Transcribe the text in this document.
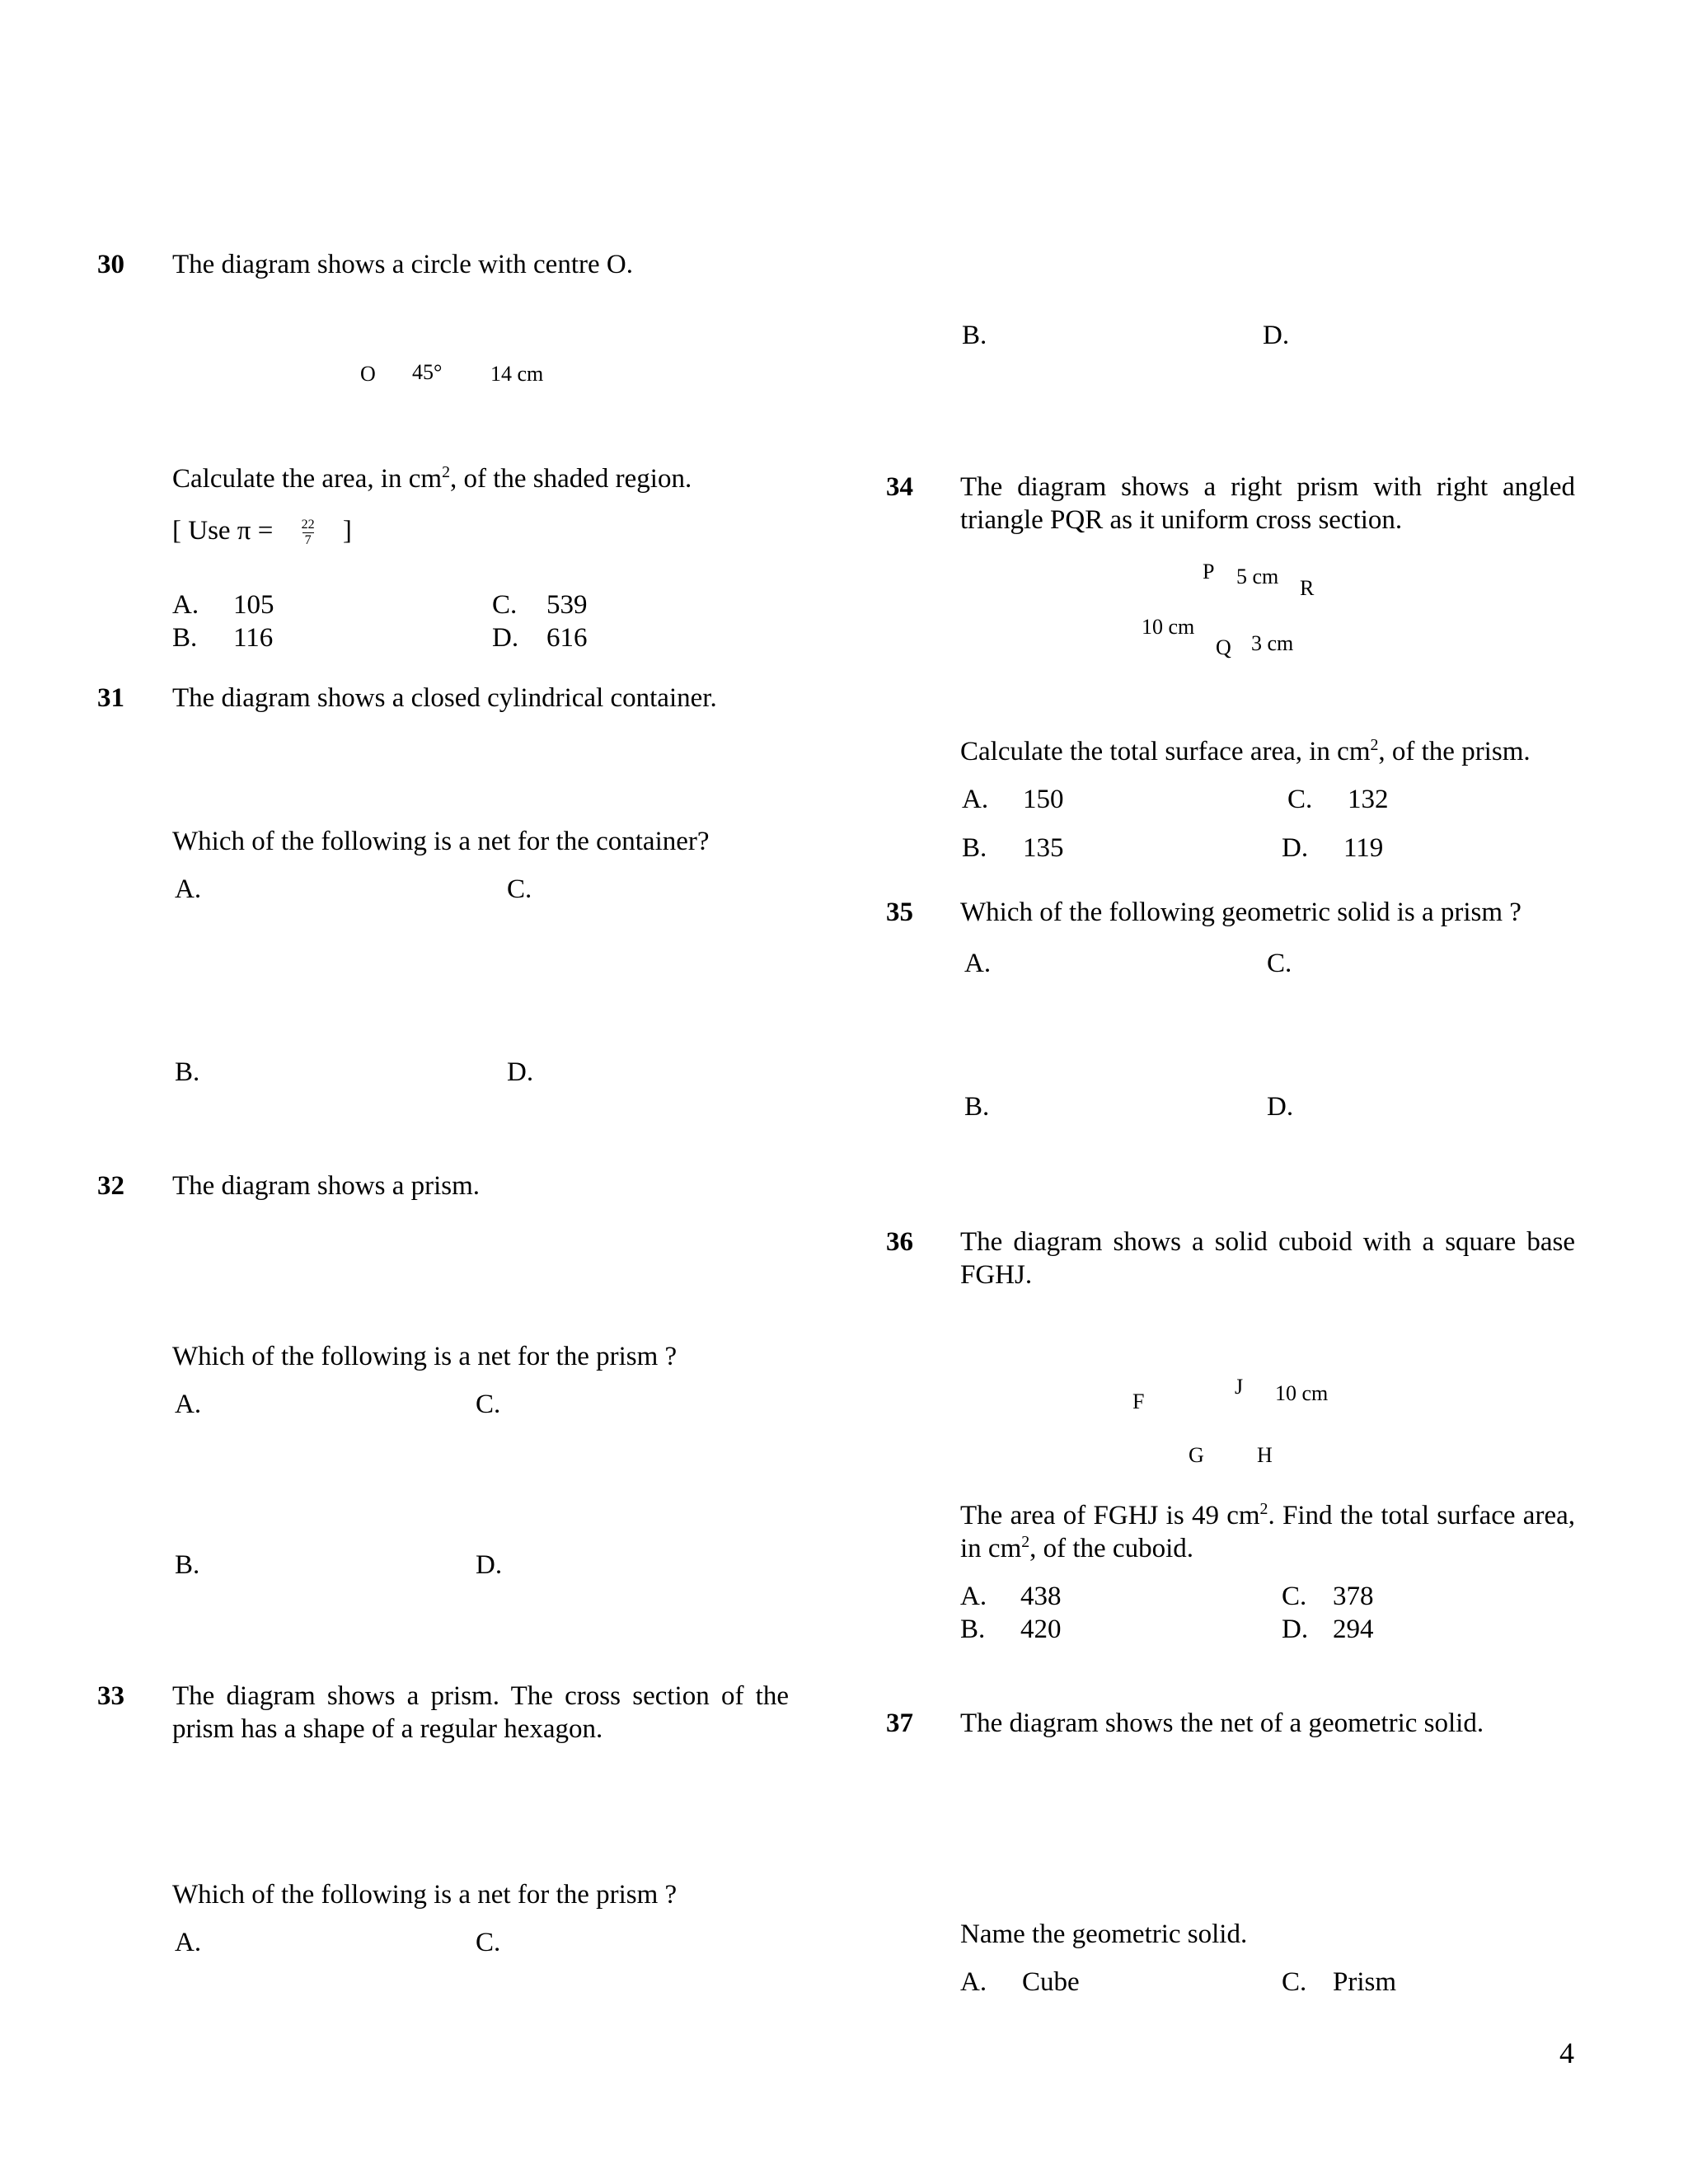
30 The diagram shows a circle with centre O.
O 45° 14 cm
Calculate the area, in $cm^2$, of the shaded region.
[ Use $\pi = \frac{22}{7}$ ]
A. 105	C. 539
B. 116	D. 616
31 The diagram shows a closed cylindrical container.
Which of the following is a net for the container?
A.	C.
B.	D.
32 The diagram shows a prism.
Which of the following is a net for the prism ?
A.	C.
B.	D.
33 The diagram shows a prism. The cross section of the prism has a shape of a regular hexagon.
Which of the following is a net for the prism ?
A.	C.
B.	D.
34 The diagram shows a right prism with right angled triangle PQR as it uniform cross section.
P 5 cm R
10 cm
Q 3 cm
Calculate the total surface area, in $cm^2$, of the prism.
A. 150	C. 132
B. 135	D. 119
35 Which of the following geometric solid is a prism ?
A.	C.
B.	D.
36 The diagram shows a solid cuboid with a square base FGHJ.
F
J 10 cm
G H
The area of FGHJ is 49 $cm^2$. Find the total surface area, in $cm^2$, of the cuboid.
A. 438	C. 378
B. 420	D. 294
37 The diagram shows the net of a geometric solid.
Name the geometric solid.
A. Cube	C. Prism
4
